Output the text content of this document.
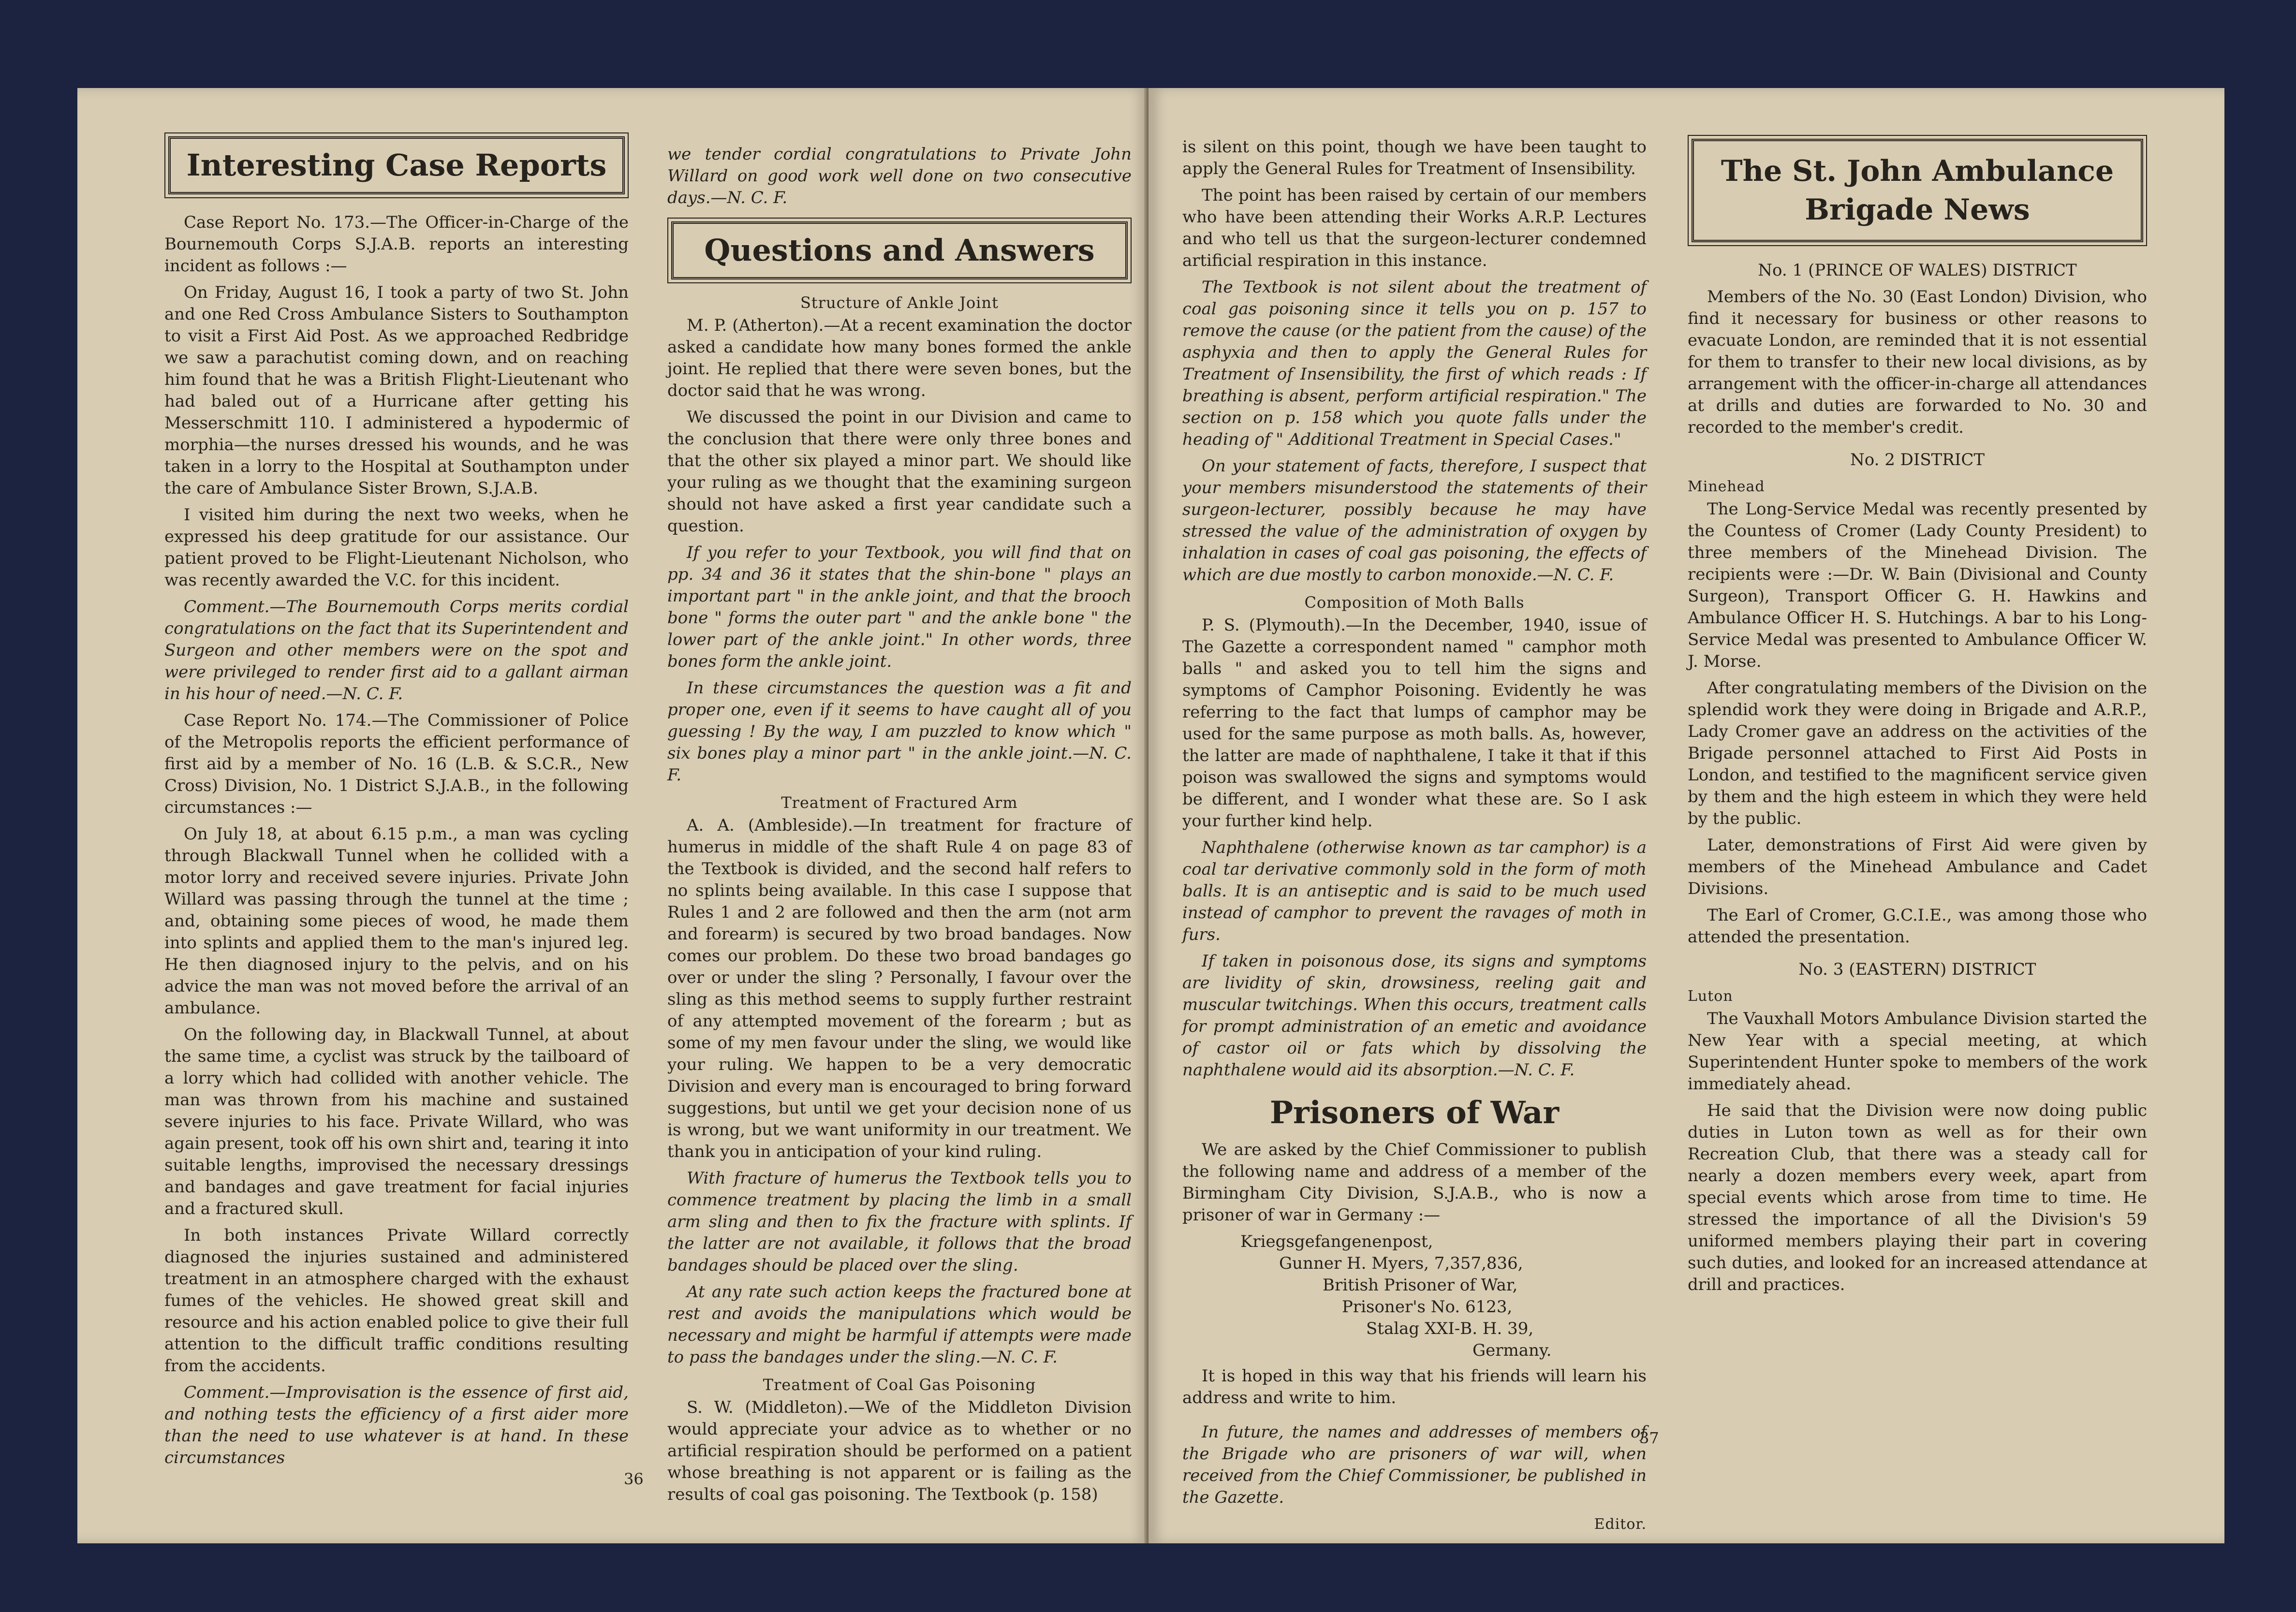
Interesting Case Reports

Case Report No. 173.—The Officer-in-Charge of the Bournemouth Corps S.J.A.B. reports an interesting incident as follows :—

On Friday, August 16, I took a party of two St. John and one Red Cross Ambulance Sisters to Southampton to visit a First Aid Post. As we approached Redbridge we saw a parachutist coming down, and on reaching him found that he was a British Flight-Lieutenant who had baled out of a Hurricane after getting his Messerschmitt 110. I administered a hypodermic of morphia—the nurses dressed his wounds, and he was taken in a lorry to the Hospital at Southampton under the care of Ambulance Sister Brown, S.J.A.B.

I visited him during the next two weeks, when he expressed his deep gratitude for our assistance. Our patient proved to be Flight-Lieutenant Nicholson, who was recently awarded the V.C. for this incident.

Comment.—The Bournemouth Corps merits cordial congratulations on the fact that its Superintendent and Surgeon and other members were on the spot and were privileged to render first aid to a gallant airman in his hour of need.—N. C. F.

Case Report No. 174.—The Commissioner of Police of the Metropolis reports the efficient performance of first aid by a member of No. 16 (L.B. & S.C.R., New Cross) Division, No. 1 District S.J.A.B., in the following circumstances :—

On July 18, at about 6.15 p.m., a man was cycling through Blackwall Tunnel when he collided with a motor lorry and received severe injuries. Private John Willard was passing through the tunnel at the time ; and, obtaining some pieces of wood, he made them into splints and applied them to the man's injured leg. He then diagnosed injury to the pelvis, and on his advice the man was not moved before the arrival of an ambulance.

On the following day, in Blackwall Tunnel, at about the same time, a cyclist was struck by the tailboard of a lorry which had collided with another vehicle. The man was thrown from his machine and sustained severe injuries to his face. Private Willard, who was again present, took off his own shirt and, tearing it into suitable lengths, improvised the necessary dressings and bandages and gave treatment for facial injuries and a fractured skull.

In both instances Private Willard correctly diagnosed the injuries sustained and administered treatment in an atmosphere charged with the exhaust fumes of the vehicles. He showed great skill and resource and his action enabled police to give their full attention to the difficult traffic conditions resulting from the accidents.

Comment.—Improvisation is the essence of first aid, and nothing tests the efficiency of a first aider more than the need to use whatever is at hand. In these circumstances

we tender cordial congratulations to Private John Willard on good work well done on two consecutive days.—N. C. F.

Questions and Answers

Structure of Ankle Joint

M. P. (Atherton).—At a recent examination the doctor asked a candidate how many bones formed the ankle joint. He replied that there were seven bones, but the doctor said that he was wrong.

We discussed the point in our Division and came to the conclusion that there were only three bones and that the other six played a minor part. We should like your ruling as we thought that the examining surgeon should not have asked a first year candidate such a question.

If you refer to your Textbook, you will find that on pp. 34 and 36 it states that the shin-bone " plays an important part " in the ankle joint, and that the brooch bone " forms the outer part " and the ankle bone " the lower part of the ankle joint." In other words, three bones form the ankle joint.

In these circumstances the question was a fit and proper one, even if it seems to have caught all of you guessing ! By the way, I am puzzled to know which " six bones play a minor part " in the ankle joint.—N. C. F.

Treatment of Fractured Arm

A. A. (Ambleside).—In treatment for fracture of humerus in middle of the shaft Rule 4 on page 83 of the Textbook is divided, and the second half refers to no splints being available. In this case I suppose that Rules 1 and 2 are followed and then the arm (not arm and forearm) is secured by two broad bandages. Now comes our problem. Do these two broad bandages go over or under the sling ? Personally, I favour over the sling as this method seems to supply further restraint of any attempted movement of the forearm ; but as some of my men favour under the sling, we would like your ruling. We happen to be a very democratic Division and every man is encouraged to bring forward suggestions, but until we get your decision none of us is wrong, but we want uniformity in our treatment. We thank you in anticipation of your kind ruling.

With fracture of humerus the Textbook tells you to commence treatment by placing the limb in a small arm sling and then to fix the fracture with splints. If the latter are not available, it follows that the broad bandages should be placed over the sling.

At any rate such action keeps the fractured bone at rest and avoids the manipulations which would be necessary and might be harmful if attempts were made to pass the bandages under the sling.—N. C. F.

Treatment of Coal Gas Poisoning

S. W. (Middleton).—We of the Middleton Division would appreciate your advice as to whether or no artificial respiration should be performed on a patient whose breathing is not apparent or is failing as the results of coal gas poisoning. The Textbook (p. 158)

36

is silent on this point, though we have been taught to apply the General Rules for Treatment of Insensibility.

The point has been raised by certain of our members who have been attending their Works A.R.P. Lectures and who tell us that the surgeon-lecturer condemned artificial respiration in this instance.

The Textbook is not silent about the treatment of coal gas poisoning since it tells you on p. 157 to remove the cause (or the patient from the cause) of the asphyxia and then to apply the General Rules for Treatment of Insensibility, the first of which reads : If breathing is absent, perform artificial respiration." The section on p. 158 which you quote falls under the heading of " Additional Treatment in Special Cases."

On your statement of facts, therefore, I suspect that your members misunderstood the statements of their surgeon-lecturer, possibly because he may have stressed the value of the administration of oxygen by inhalation in cases of coal gas poisoning, the effects of which are due mostly to carbon monoxide.—N. C. F.

Composition of Moth Balls

P. S. (Plymouth).—In the December, 1940, issue of The Gazette a correspondent named " camphor moth balls " and asked you to tell him the signs and symptoms of Camphor Poisoning. Evidently he was referring to the fact that lumps of camphor may be used for the same purpose as moth balls. As, however, the latter are made of naphthalene, I take it that if this poison was swallowed the signs and symptoms would be different, and I wonder what these are. So I ask your further kind help.

Naphthalene (otherwise known as tar camphor) is a coal tar derivative commonly sold in the form of moth balls. It is an antiseptic and is said to be much used instead of camphor to prevent the ravages of moth in furs.

If taken in poisonous dose, its signs and symptoms are lividity of skin, drowsiness, reeling gait and muscular twitchings. When this occurs, treatment calls for prompt administration of an emetic and avoidance of castor oil or fats which by dissolving the naphthalene would aid its absorption.—N. C. F.

Prisoners of War

We are asked by the Chief Commissioner to publish the following name and address of a member of the Birmingham City Division, S.J.A.B., who is now a prisoner of war in Germany :—

Kriegsgefangenenpost,

Gunner H. Myers, 7,357,836,

British Prisoner of War,

Prisoner's No. 6123,

Stalag XXI-B. H. 39,

Germany.

It is hoped in this way that his friends will learn his address and write to him.

In future, the names and addresses of members of the Brigade who are prisoners of war will, when received from the Chief Commissioner, be published in the Gazette.

Editor.

The St. John Ambulance Brigade News

No. 1 (PRINCE OF WALES) DISTRICT

Members of the No. 30 (East London) Division, who find it necessary for business or other reasons to evacuate London, are reminded that it is not essential for them to transfer to their new local divisions, as by arrangement with the officer-in-charge all attendances at drills and duties are forwarded to No. 30 and recorded to the member's credit.

No. 2 DISTRICT

Minehead

The Long-Service Medal was recently presented by the Countess of Cromer (Lady County President) to three members of the Minehead Division. The recipients were :—Dr. W. Bain (Divisional and County Surgeon), Transport Officer G. H. Hawkins and Ambulance Officer H. S. Hutchings. A bar to his Long-Service Medal was presented to Ambulance Officer W. J. Morse.

After congratulating members of the Division on the splendid work they were doing in Brigade and A.R.P., Lady Cromer gave an address on the activities of the Brigade personnel attached to First Aid Posts in London, and testified to the magnificent service given by them and the high esteem in which they were held by the public.

Later, demonstrations of First Aid were given by members of the Minehead Ambulance and Cadet Divisions.

The Earl of Cromer, G.C.I.E., was among those who attended the presentation.

No. 3 (EASTERN) DISTRICT

Luton

The Vauxhall Motors Ambulance Division started the New Year with a special meeting, at which Superintendent Hunter spoke to members of the work immediately ahead.

He said that the Division were now doing public duties in Luton town as well as for their own Recreation Club, that there was a steady call for nearly a dozen members every week, apart from special events which arose from time to time. He stressed the importance of all the Division's 59 uniformed members playing their part in covering such duties, and looked for an increased attendance at drill and practices.

37
